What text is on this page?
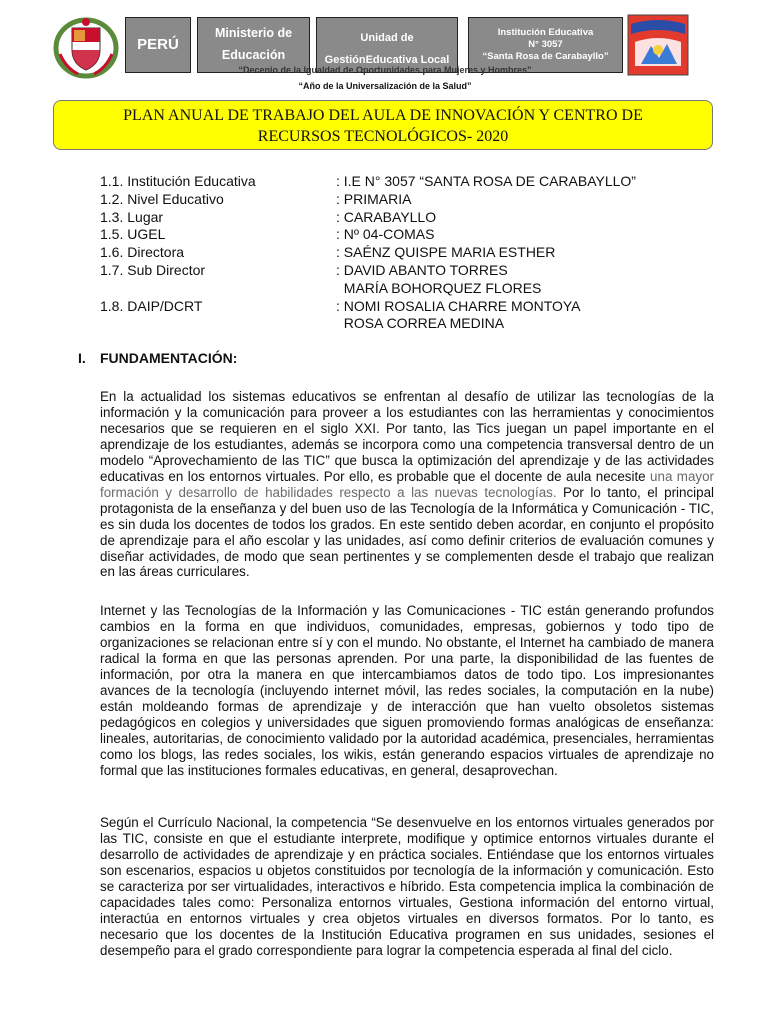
PERÚ
Ministerio de
Educación
Unidad de
GestiónEducativa Local
Institución Educativa
N° 3057
“Santa Rosa de Carabayllo”
“Decenio de la Igualdad de Oportunidades para Mujeres y Hombres”
“Año de la Universalización de la Salud”
PLAN ANUAL DE TRABAJO DEL AULA DE INNOVACIÓN Y CENTRO DE
RECURSOS TECNOLÓGICOS- 2020
1.1. Institución Educativa	: I.E N° 3057 “SANTA ROSA DE CARABAYLLO”
1.2. Nivel Educativo	: PRIMARIA
1.3. Lugar	: CARABAYLLO
1.5. UGEL	: Nº 04-COMAS
1.6. Directora	: SAÉNZ QUISPE MARIA ESTHER
1.7. Sub Director	: DAVID ABANTO TORRES
MARÍA BOHORQUEZ FLORES
1.8. DAIP/DCRT	: NOMI ROSALIA CHARRE MONTOYA
ROSA CORREA MEDINA
I. FUNDAMENTACIÓN:

En la actualidad los sistemas educativos se enfrentan al desafío de utilizar las tecnologías de la información y la comunicación para proveer a los estudiantes con las herramientas y conocimientos necesarios que se requieren en el siglo XXI. Por tanto, las Tics juegan un papel importante en el aprendizaje de los estudiantes, además se incorpora como una competencia transversal dentro de un modelo “Aprovechamiento de las TIC” que busca la optimización del aprendizaje y de las actividades educativas en los entornos virtuales. Por ello, es probable que el docente de aula necesite una mayor formación y desarrollo de habilidades respecto a las nuevas tecnologías. Por lo tanto, el principal protagonista de la enseñanza y del buen uso de las Tecnología de la Informática y Comunicación - TIC, es sin duda los docentes de todos los grados. En este sentido deben acordar, en conjunto el propósito de aprendizaje para el año escolar y las unidades, así como definir criterios de evaluación comunes y diseñar actividades, de modo que sean pertinentes y se complementen desde el trabajo que realizan en las áreas curriculares.

Internet y las Tecnologías de la Información y las Comunicaciones - TIC están generando profundos cambios en la forma en que individuos, comunidades, empresas, gobiernos y todo tipo de organizaciones se relacionan entre sí y con el mundo. No obstante, el Internet ha cambiado de manera radical la forma en que las personas aprenden. Por una parte, la disponibilidad de las fuentes de información, por otra la manera en que intercambiamos datos de todo tipo. Los impresionantes avances de la tecnología (incluyendo internet móvil, las redes sociales, la computación en la nube) están moldeando formas de aprendizaje y de interacción que han vuelto obsoletos sistemas pedagógicos en colegios y universidades que siguen promoviendo formas analógicas de enseñanza: lineales, autoritarias, de conocimiento validado por la autoridad académica, presenciales, herramientas como los blogs, las redes sociales, los wikis, están generando espacios virtuales de aprendizaje no formal que las instituciones formales educativas, en general, desaprovechan.

Según el Currículo Nacional, la competencia “Se desenvuelve en los entornos virtuales generados por las TIC, consiste en que el estudiante interprete, modifique y optimice entornos virtuales durante el desarrollo de actividades de aprendizaje y en práctica sociales. Entiéndase que los entornos virtuales son escenarios, espacios u objetos constituidos por tecnología de la información y comunicación. Esto se caracteriza por ser virtualidades, interactivos e híbrido. Esta competencia implica la combinación de capacidades tales como: Personaliza entornos virtuales, Gestiona información del entorno virtual, interactúa en entornos virtuales y crea objetos virtuales en diversos formatos. Por lo tanto, es necesario que los docentes de la Institución Educativa programen en sus unidades, sesiones el desempeño para el grado correspondiente para lograr la competencia esperada al final del ciclo.
